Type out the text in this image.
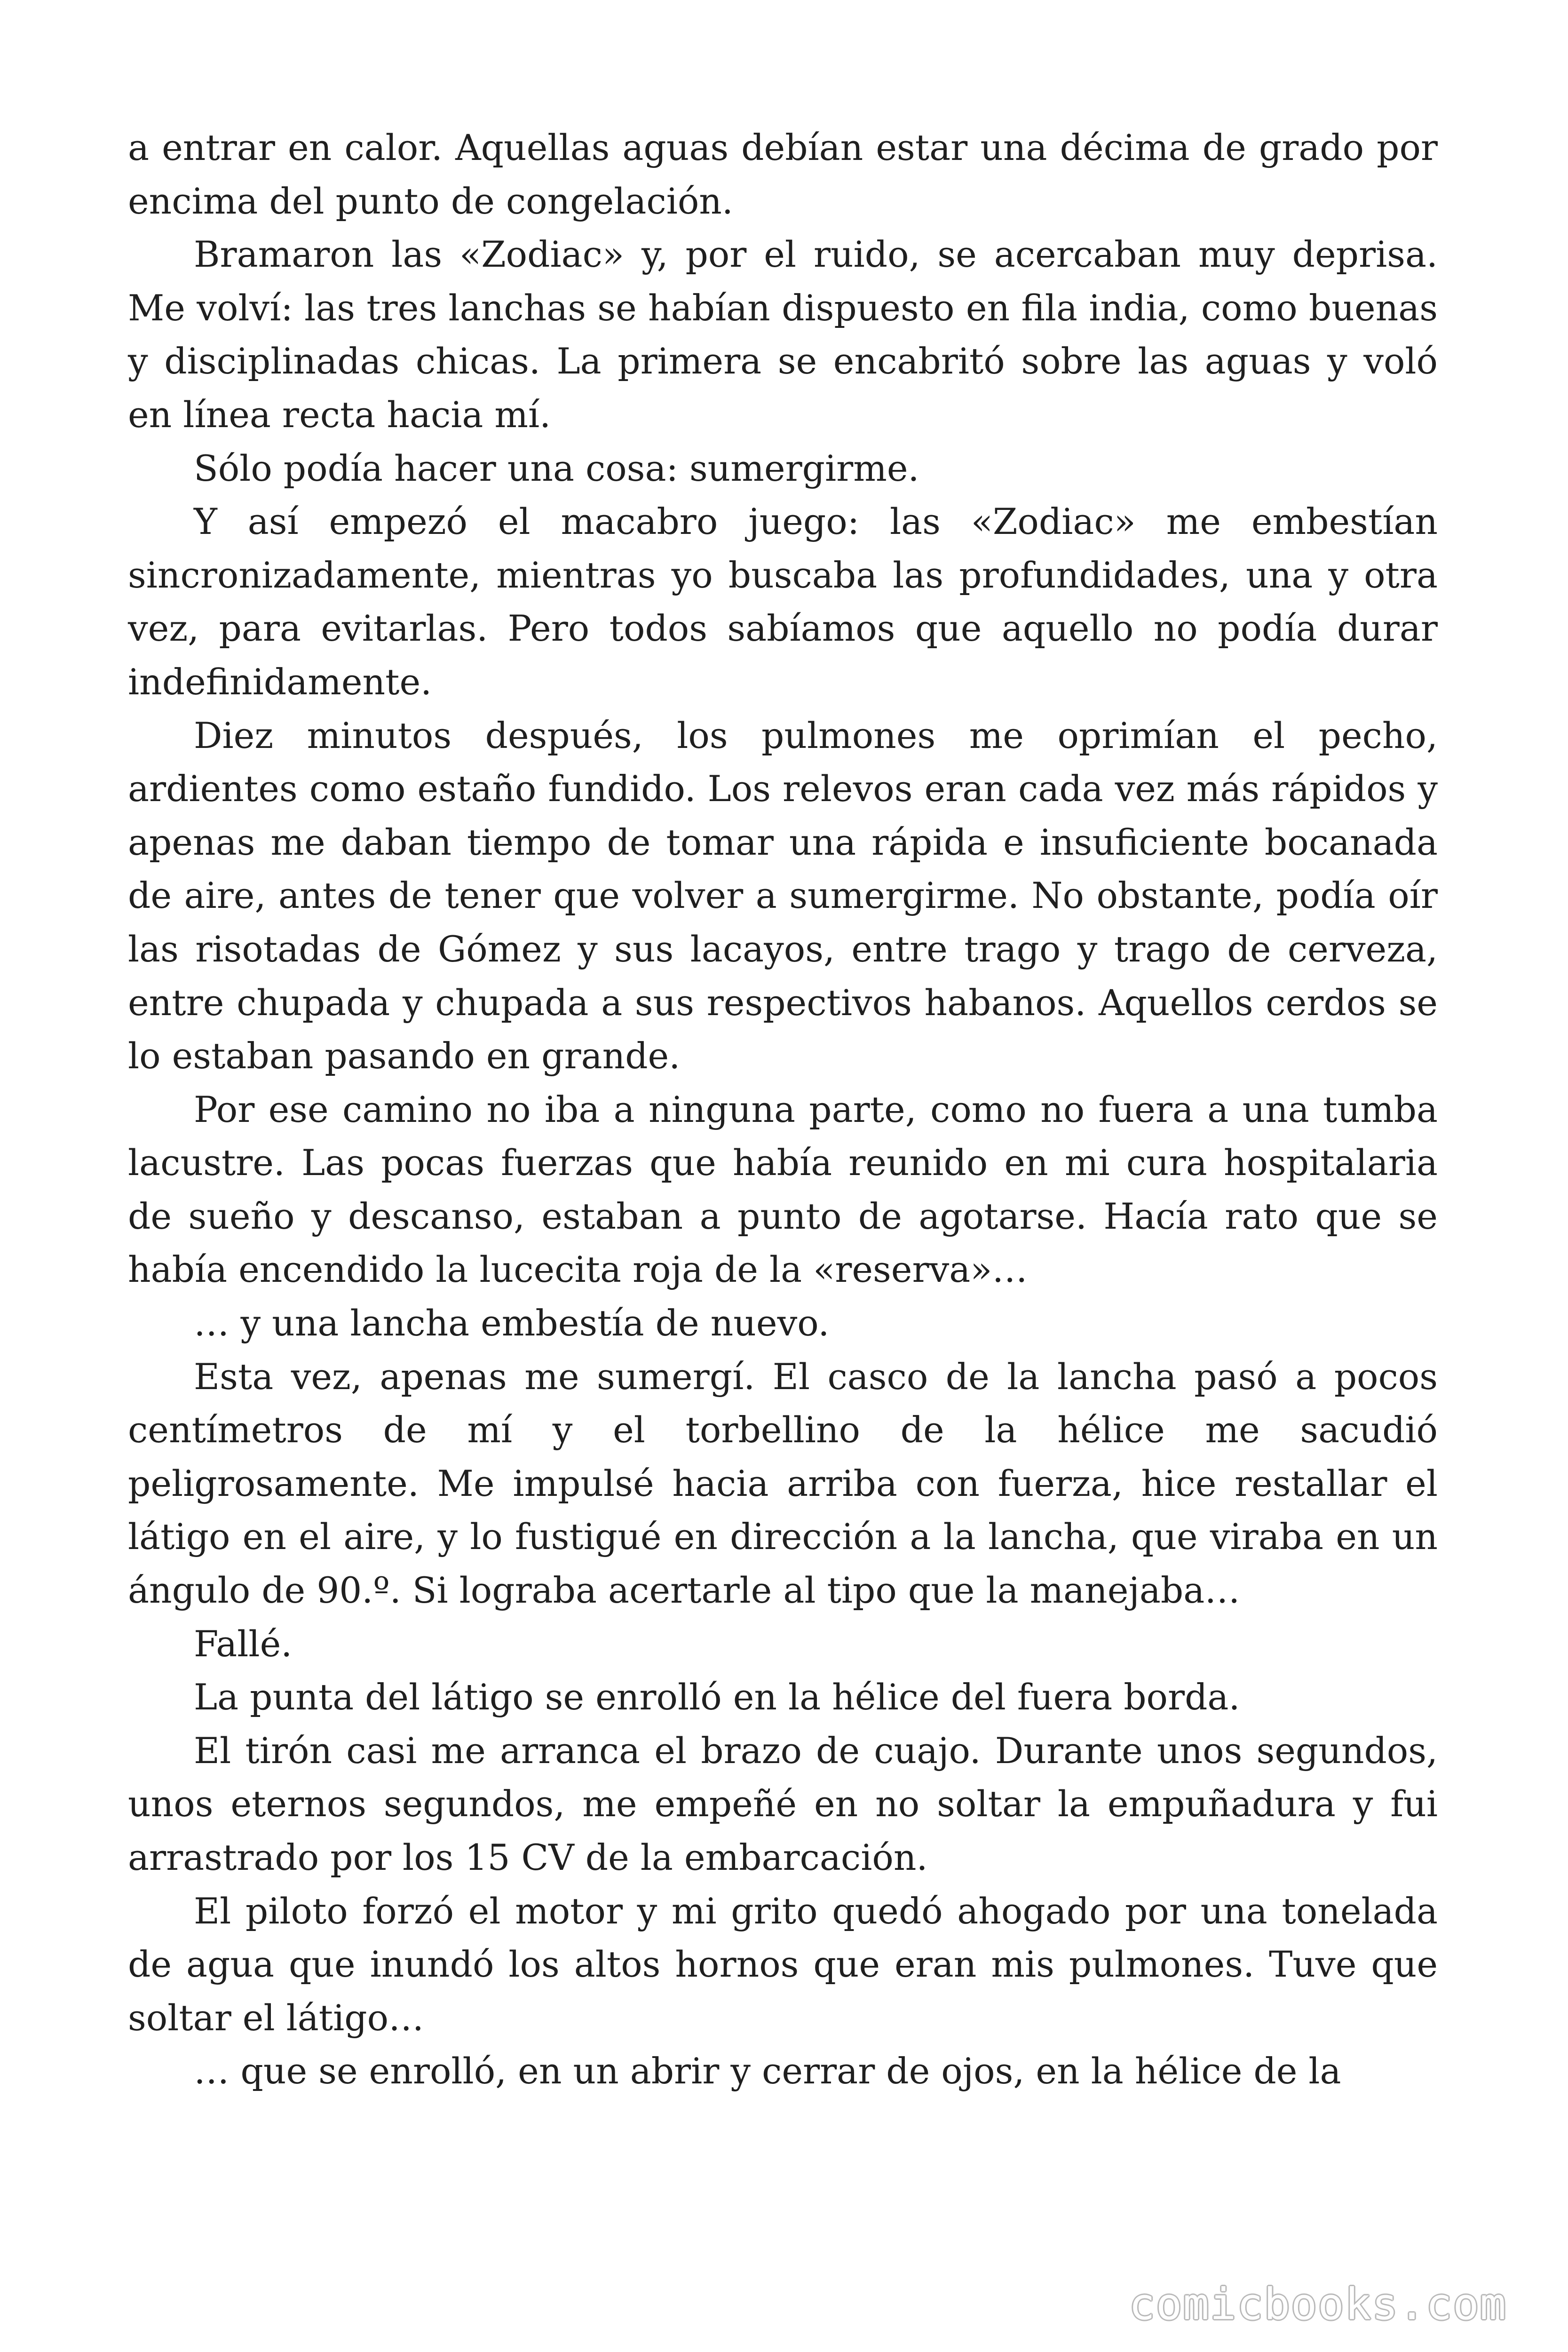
a entrar en calor. Aquellas aguas debían estar una décima de grado por encima del punto de congelación.

Bramaron las «Zodiac» y, por el ruido, se acercaban muy deprisa. Me volví: las tres lanchas se habían dispuesto en fila india, como buenas y disciplinadas chicas. La primera se encabritó sobre las aguas y voló en línea recta hacia mí.

Sólo podía hacer una cosa: sumergirme.

Y así empezó el macabro juego: las «Zodiac» me embestían sincronizadamente, mientras yo buscaba las profundidades, una y otra vez, para evitarlas. Pero todos sabíamos que aquello no podía durar indefinidamente.

Diez minutos después, los pulmones me oprimían el pecho, ardientes como estaño fundido. Los relevos eran cada vez más rápidos y apenas me daban tiempo de tomar una rápida e insuficiente bocanada de aire, antes de tener que volver a sumergirme. No obstante, podía oír las risotadas de Gómez y sus lacayos, entre trago y trago de cerveza, entre chupada y chupada a sus respectivos habanos. Aquellos cerdos se lo estaban pasando en grande.

Por ese camino no iba a ninguna parte, como no fuera a una tumba lacustre. Las pocas fuerzas que había reunido en mi cura hospitalaria de sueño y descanso, estaban a punto de agotarse. Hacía rato que se había encendido la lucecita roja de la «reserva»…

… y una lancha embestía de nuevo.

Esta vez, apenas me sumergí. El casco de la lancha pasó a pocos centímetros de mí y el torbellino de la hélice me sacudió peligrosamente. Me impulsé hacia arriba con fuerza, hice restallar el látigo en el aire, y lo fustigué en dirección a la lancha, que viraba en un ángulo de 90.º. Si lograba acertarle al tipo que la manejaba…

Fallé.

La punta del látigo se enrolló en la hélice del fuera borda.

El tirón casi me arranca el brazo de cuajo. Durante unos segundos, unos eternos segundos, me empeñé en no soltar la empuñadura y fui arrastrado por los 15 CV de la embarcación.

El piloto forzó el motor y mi grito quedó ahogado por una tonelada de agua que inundó los altos hornos que eran mis pulmones. Tuve que soltar el látigo…

… que se enrolló, en un abrir y cerrar de ojos, en la hélice de la

comicbooks.com
